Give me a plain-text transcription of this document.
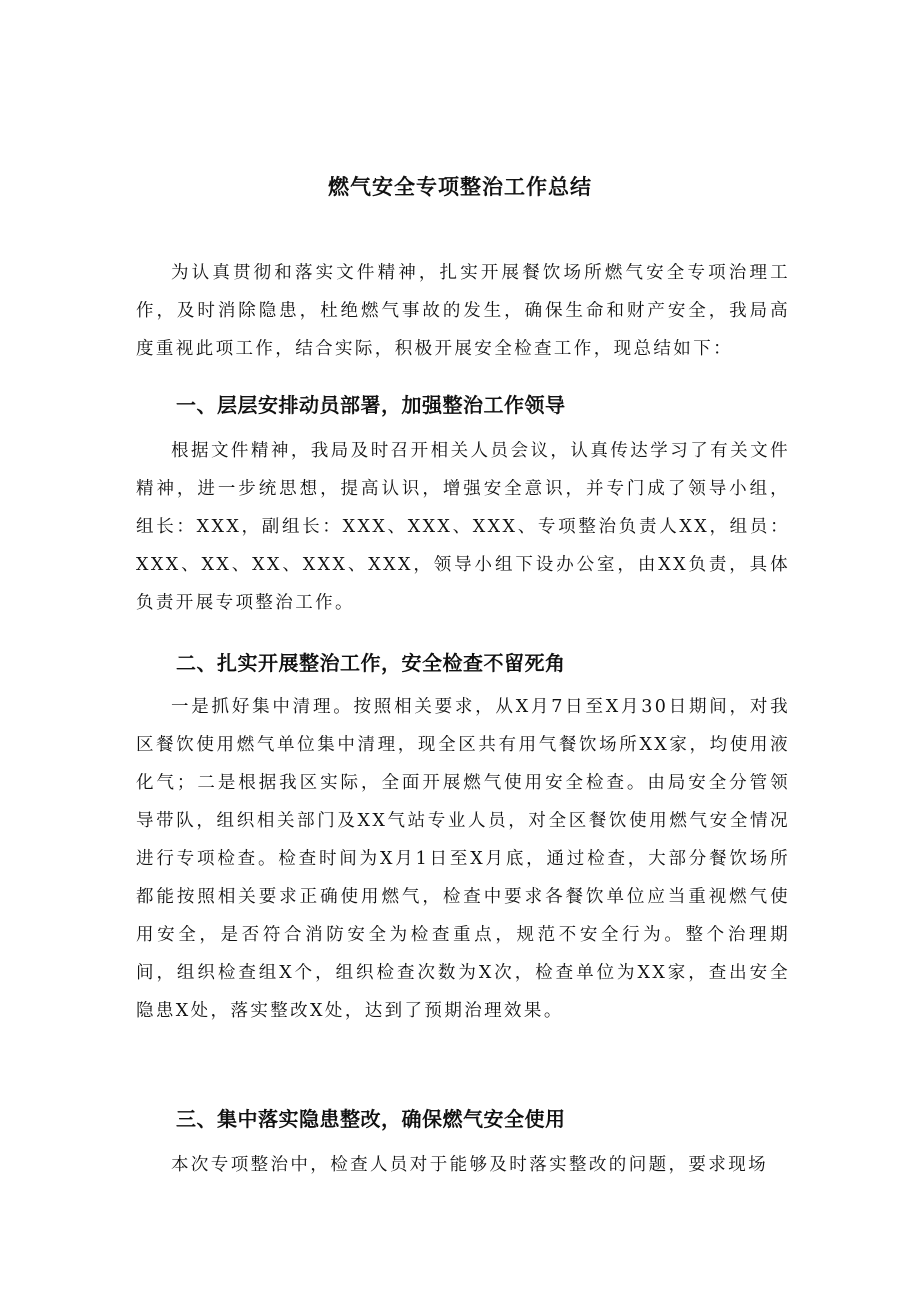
燃气安全专项整治工作总结

为认真贯彻和落实文件精神，扎实开展餐饮场所燃气安全专项治理工作，及时消除隐患，杜绝燃气事故的发生，确保生命和财产安全，我局高度重视此项工作，结合实际，积极开展安全检查工作，现总结如下：

一、层层安排动员部署，加强整治工作领导

根据文件精神，我局及时召开相关人员会议，认真传达学习了有关文件精神，进一步统思想，提高认识，增强安全意识，并专门成了领导小组，组长：XXX，副组长：XXX、XXX、XXX、专项整治负责人XX，组员：XXX、XX、XX、XXX、XXX，领导小组下设办公室，由XX负责，具体负责开展专项整治工作。

二、扎实开展整治工作，安全检查不留死角

一是抓好集中清理。按照相关要求，从X月7日至X月30日期间，对我区餐饮使用燃气单位集中清理，现全区共有用气餐饮场所XX家，均使用液化气；二是根据我区实际，全面开展燃气使用安全检查。由局安全分管领导带队，组织相关部门及XX气站专业人员，对全区餐饮使用燃气安全情况进行专项检查。检查时间为X月1日至X月底，通过检查，大部分餐饮场所都能按照相关要求正确使用燃气，检查中要求各餐饮单位应当重视燃气使用安全，是否符合消防安全为检查重点，规范不安全行为。整个治理期间，组织检查组X个，组织检查次数为X次，检查单位为XX家，查出安全隐患X处，落实整改X处，达到了预期治理效果。

三、集中落实隐患整改，确保燃气安全使用

本次专项整治中，检查人员对于能够及时落实整改的问题，要求现场
